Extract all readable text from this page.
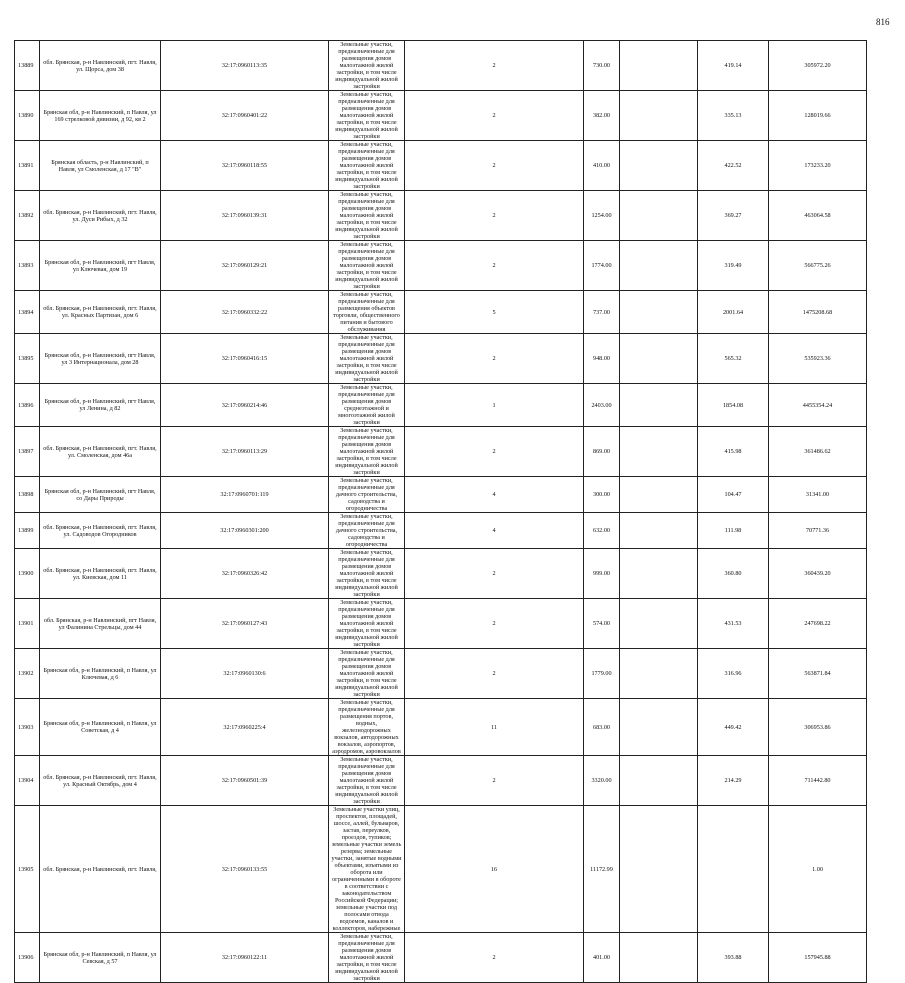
816
13889	обл. Брянская, р-н Навлинский, пгт. Навля, ул. Щорса, дом 38	32:17:0960113:35	Земельные участки, предназначенные для размещения домов малоэтажной жилой застройки, в том числе индивидуальной жилой застройки	2	730.00		419.14	305972.20
13890	Брянская обл, р-н Навлинский, п Навля, ул 169 стрелковой дивизии, д 92, кв 2	32:17:0960401:22	Земельные участки, предназначенные для размещения домов малоэтажной жилой застройки, в том числе индивидуальной жилой застройки	2	382.00		335.13	128019.66
13891	Брянская область, р-н Навлинский, п Навля, ул Смоленская, д 17 "В"	32:17:0960118:55	Земельные участки, предназначенные для размещения домов малоэтажной жилой застройки, в том числе индивидуальной жилой застройки	2	410.00		422.52	173233.20
13892	обл. Брянская, р-н Навлинский, пгт. Навля, ул. Дуси Рибых, д 32	32:17:0960139:31	Земельные участки, предназначенные для размещения домов малоэтажной жилой застройки, в том числе индивидуальной жилой застройки	2	1254.00		369.27	463064.58
13893	Брянская обл, р-н Навлинский, пгт Навля, ул Ключевая, дом 19	32:17:0960129:21	Земельные участки, предназначенные для размещения домов малоэтажной жилой застройки, в том числе индивидуальной жилой застройки	2	1774.00		319.49	566775.26
13894	обл. Брянская, р-н Навлинский, пгт. Навля, ул. Красных Партизан, дом 6	32:17:0960332:22	Земельные участки, предназначенные для размещения объектов торговли, общественного питания и бытового обслуживания	5	737.00		2001.64	1475208.68
13895	Брянская обл, р-н Навлинский, пгт Навля, ул 3 Интернационала, дом 28	32:17:0960416:15	Земельные участки, предназначенные для размещения домов малоэтажной жилой застройки, в том числе индивидуальной жилой застройки	2	948.00		565.32	535923.36
13896	Брянская обл, р-н Навлинский, пгт Навля, ул Ленина, д 82	32:17:0960214:46	Земельные участки, предназначенные для размещения домов среднеэтажной и многоэтажной жилой застройки	1	2403.00		1854.08	4455354.24
13897	обл. Брянская, р-н Навлинский, пгт. Навля, ул. Смоленская, дом 46а	32:17:0960113:29	Земельные участки, предназначенные для размещения домов малоэтажной жилой застройки, в том числе индивидуальной жилой застройки	2	869.00		415.98	361486.62
13898	Брянская обл, р-н Навлинский, пгт Навля, со Дары Природы	32:17:0960701:119	Земельные участки, предназначенные для дачного строительства, садоводства и огородничества	4	300.00		104.47	31341.00
13899	обл. Брянская, р-н Навлинский, пгт. Навля, ул. Садоводов Огородников	32:17:0960301:200	Земельные участки, предназначенные для дачного строительства, садоводства и огородничества	4	632.00		111.98	70771.36
13900	обл. Брянская, р-н Навлинский, пгт. Навля, ул. Киевская, дом 11	32:17:0960326:42	Земельные участки, предназначенные для размещения домов малоэтажной жилой застройки, в том числе индивидуальной жилой застройки	2	999.00		360.80	360439.20
13901	обл. Брянская, р-н Навлинский, пгт Навля, ул Фалинина Стрельцы, дом 44	32:17:0960127:43	Земельные участки, предназначенные для размещения домов малоэтажной жилой застройки, в том числе индивидуальной жилой застройки	2	574.00		431.53	247698.22
13902	Брянская обл, р-н Навлинский, п Навля, ул Ключевая, д 6	32:17:0960130:6	Земельные участки, предназначенные для размещения домов малоэтажной жилой застройки, в том числе индивидуальной жилой застройки	2	1779.00		316.96	563871.84
13903	Брянская обл, р-н Навлинский, п Навля, ул Советская, д 4	32:17:0960225:4	Земельные участки, предназначенные для размещения портов, водных, железнодорожных вокзалов, автодорожных вокзалов, аэропортов, аэродромов, аэровокзалов	11	683.00		449.42	306953.86
13904	обл. Брянская, р-н Навлинский, пгт. Навля, ул. Красный Октябрь, дом 4	32:17:0960501:39	Земельные участки, предназначенные для размещения домов малоэтажной жилой застройки, в том числе индивидуальной жилой застройки	2	3320.00		214.29	711442.80
13905	обл. Брянская, р-н Навлинский, пгт. Навля,	32:17:0960133:55	Земельные участки улиц, проспектов, площадей, шоссе, аллей, бульваров, застав, переулков, проездов, тупиков; земельные участки земель резерва; земельные участки, занятые водными объектами, изъятыми из оборота или ограниченными в обороте в соответствии с законодательством Российской Федерации; земельные участки под полосами отвода водоемов, каналов и коллекторов, набережные	16	11172.99			1.00
13906	Брянская обл, р-н Навлинский, п Навля, ул Севская, д 57	32:17:0960122:11	Земельные участки, предназначенные для размещения домов малоэтажной жилой застройки, в том числе индивидуальной жилой застройки	2	401.00		393.88	157945.88
